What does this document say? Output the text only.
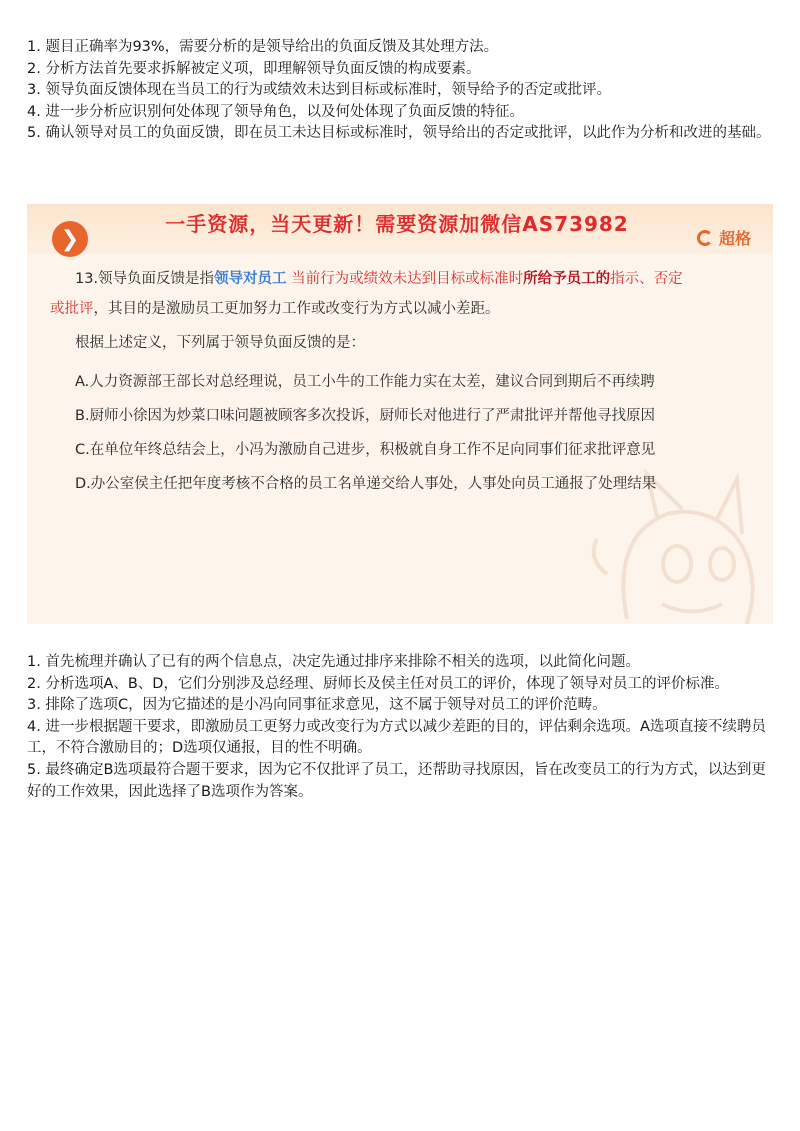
1. 题目正确率为93%，需要分析的是领导给出的负面反馈及其处理方法。

2. 分析方法首先要求拆解被定义项，即理解领导负面反馈的构成要素。

3. 领导负面反馈体现在当员工的行为或绩效未达到目标或标准时，领导给予的否定或批评。

4. 进一步分析应识别何处体现了领导角色，以及何处体现了负面反馈的特征。

5. 确认领导对员工的负面反馈，即在员工未达目标或标准时，领导给出的否定或批评，以此作为分析和改进的基础。

❯
一手资源，当天更新！需要资源加微信AS73982
超格
13.领导负面反馈是指领导对员工 当前行为或绩效未达到目标或标准时所给予员工的指示、否定
或批评，其目的是激励员工更加努力工作或改变行为方式以减小差距。
根据上述定义，下列属于领导负面反馈的是：
A.人力资源部王部长对总经理说，员工小牛的工作能力实在太差，建议合同到期后不再续聘
B.厨师小徐因为炒菜口味问题被顾客多次投诉，厨师长对他进行了严肃批评并帮他寻找原因
C.在单位年终总结会上，小冯为激励自己进步，积极就自身工作不足向同事们征求批评意见
D.办公室侯主任把年度考核不合格的员工名单递交给人事处，人事处向员工通报了处理结果

1. 首先梳理并确认了已有的两个信息点，决定先通过排序来排除不相关的选项，以此简化问题。

2. 分析选项A、B、D，它们分别涉及总经理、厨师长及侯主任对员工的评价，体现了领导对员工的评价标准。

3. 排除了选项C，因为它描述的是小冯向同事征求意见，这不属于领导对员工的评价范畴。

4. 进一步根据题干要求，即激励员工更努力或改变行为方式以减少差距的目的，评估剩余选项。A选项直接不续聘员工，不符合激励目的；D选项仅通报，目的性不明确。

5. 最终确定B选项最符合题干要求，因为它不仅批评了员工，还帮助寻找原因，旨在改变员工的行为方式，以达到更好的工作效果，因此选择了B选项作为答案。
